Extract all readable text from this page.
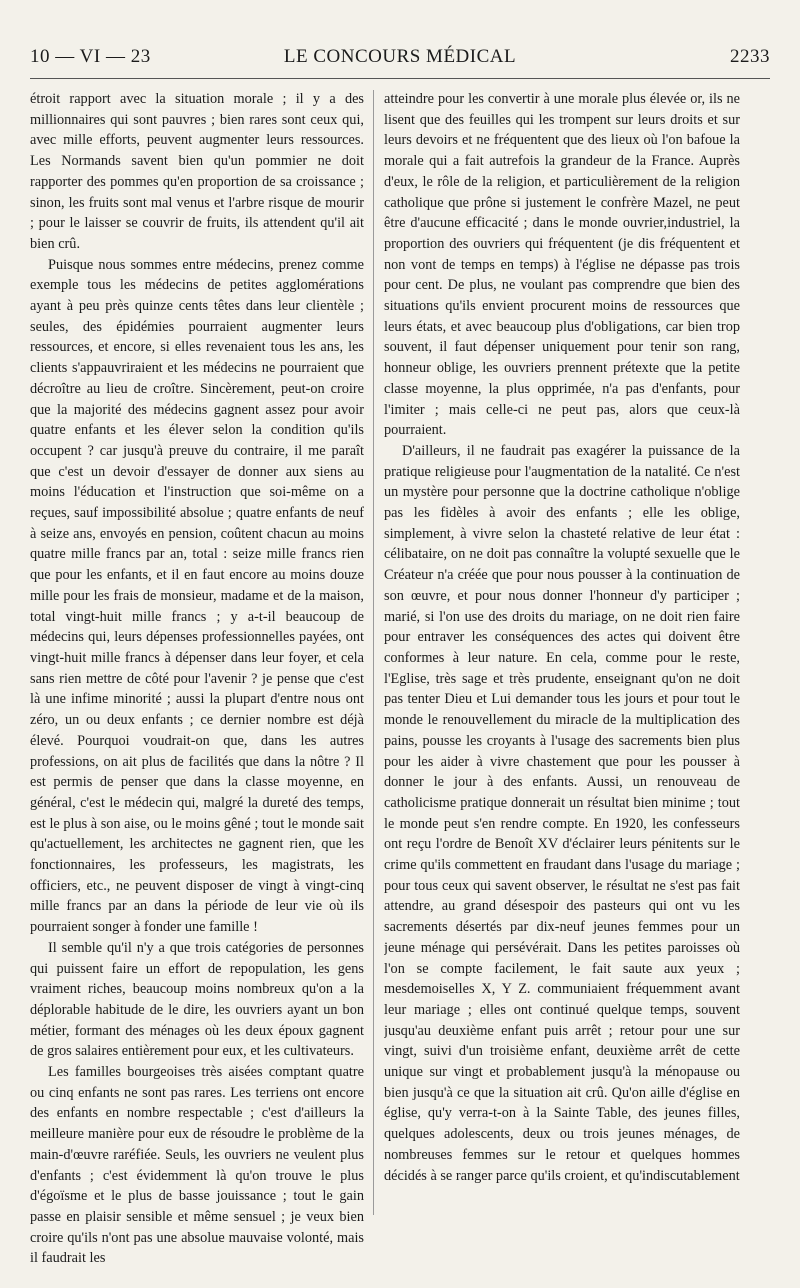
10 — VI — 23	LE CONCOURS MÉDICAL	2233

étroit rapport avec la situation morale ; il y a des millionnaires qui sont pauvres ; bien rares sont ceux qui, avec mille efforts, peuvent augmenter leurs ressources. Les Normands savent bien qu'un pommier ne doit rapporter des pommes qu'en proportion de sa croissance ; sinon, les fruits sont mal venus et l'arbre risque de mourir ; pour le laisser se couvrir de fruits, ils attendent qu'il ait bien crû.

Puisque nous sommes entre médecins, prenez comme exemple tous les médecins de petites agglomérations ayant à peu près quinze cents têtes dans leur clientèle ; seules, des épidémies pourraient augmenter leurs ressources, et encore, si elles revenaient tous les ans, les clients s'appauvriraient et les médecins ne pourraient que décroître au lieu de croître. Sincèrement, peut-on croire que la majorité des médecins gagnent assez pour avoir quatre enfants et les élever selon la condition qu'ils occupent ? car jusqu'à preuve du contraire, il me paraît que c'est un devoir d'essayer de donner aux siens au moins l'éducation et l'instruction que soi-même on a reçues, sauf impossibilité absolue ; quatre enfants de neuf à seize ans, envoyés en pension, coûtent chacun au moins quatre mille francs par an, total : seize mille francs rien que pour les enfants, et il en faut encore au moins douze mille pour les frais de monsieur, madame et de la maison, total vingt-huit mille francs ; y a-t-il beaucoup de médecins qui, leurs dépenses professionnelles payées, ont vingt-huit mille francs à dépenser dans leur foyer, et cela sans rien mettre de côté pour l'avenir ? je pense que c'est là une infime minorité ; aussi la plupart d'entre nous ont zéro, un ou deux enfants ; ce dernier nombre est déjà élevé. Pourquoi voudrait-on que, dans les autres professions, on ait plus de facilités que dans la nôtre ? Il est permis de penser que dans la classe moyenne, en général, c'est le médecin qui, malgré la dureté des temps, est le plus à son aise, ou le moins gêné ; tout le monde sait qu'actuellement, les architectes ne gagnent rien, que les fonctionnaires, les professeurs, les magistrats, les officiers, etc., ne peuvent disposer de vingt à vingt-cinq mille francs par an dans la période de leur vie où ils pourraient songer à fonder une famille !

Il semble qu'il n'y a que trois catégories de personnes qui puissent faire un effort de repopulation, les gens vraiment riches, beaucoup moins nombreux qu'on a la déplorable habitude de le dire, les ouvriers ayant un bon métier, formant des ménages où les deux époux gagnent de gros salaires entièrement pour eux, et les cultivateurs.

Les familles bourgeoises très aisées comptant quatre ou cinq enfants ne sont pas rares. Les terriens ont encore des enfants en nombre respectable ; c'est d'ailleurs la meilleure manière pour eux de résoudre le problème de la main-d'œuvre raréfiée. Seuls, les ouvriers ne veulent plus d'enfants ; c'est évidemment là qu'on trouve le plus d'égoïsme et le plus de basse jouissance ; tout le gain passe en plaisir sensible et même sensuel ; je veux bien croire qu'ils n'ont pas une absolue mauvaise volonté, mais il faudrait les

atteindre pour les convertir à une morale plus élevée or, ils ne lisent que des feuilles qui les trompent sur leurs droits et sur leurs devoirs et ne fréquentent que des lieux où l'on bafoue la morale qui a fait autrefois la grandeur de la France. Auprès d'eux, le rôle de la religion, et particulièrement de la religion catholique que prône si justement le confrère Mazel, ne peut être d'aucune efficacité ; dans le monde ouvrier,industriel, la proportion des ouvriers qui fréquentent (je dis fréquentent et non vont de temps en temps) à l'église ne dépasse pas trois pour cent. De plus, ne voulant pas comprendre que bien des situations qu'ils envient procurent moins de ressources que leurs états, et avec beaucoup plus d'obligations, car bien trop souvent, il faut dépenser uniquement pour tenir son rang, honneur oblige, les ouvriers prennent prétexte que la petite classe moyenne, la plus opprimée, n'a pas d'enfants, pour l'imiter ; mais celle-ci ne peut pas, alors que ceux-là pourraient.

D'ailleurs, il ne faudrait pas exagérer la puissance de la pratique religieuse pour l'augmentation de la natalité. Ce n'est un mystère pour personne que la doctrine catholique n'oblige pas les fidèles à avoir des enfants ; elle les oblige, simplement, à vivre selon la chasteté relative de leur état : célibataire, on ne doit pas connaître la volupté sexuelle que le Créateur n'a créée que pour nous pousser à la continuation de son œuvre, et pour nous donner l'honneur d'y participer ; marié, si l'on use des droits du mariage, on ne doit rien faire pour entraver les conséquences des actes qui doivent être conformes à leur nature. En cela, comme pour le reste, l'Eglise, très sage et très prudente, enseignant qu'on ne doit pas tenter Dieu et Lui demander tous les jours et pour tout le monde le renouvellement du miracle de la multiplication des pains, pousse les croyants à l'usage des sacrements bien plus pour les aider à vivre chastement que pour les pousser à donner le jour à des enfants. Aussi, un renouveau de catholicisme pratique donnerait un résultat bien minime ; tout le monde peut s'en rendre compte. En 1920, les confesseurs ont reçu l'ordre de Benoît XV d'éclairer leurs pénitents sur le crime qu'ils commettent en fraudant dans l'usage du mariage ; pour tous ceux qui savent observer, le résultat ne s'est pas fait attendre, au grand désespoir des pasteurs qui ont vu les sacrements désertés par dix-neuf jeunes femmes pour un jeune ménage qui persévérait. Dans les petites paroisses où l'on se compte facilement, le fait saute aux yeux ; mesdemoiselles X, Y Z. communiaient fréquemment avant leur mariage ; elles ont continué quelque temps, souvent jusqu'au deuxième enfant puis arrêt ; retour pour une sur vingt, suivi d'un troisième enfant, deuxième arrêt de cette unique sur vingt et probablement jusqu'à la ménopause ou bien jusqu'à ce que la situation ait crû. Qu'on aille d'église en église, qu'y verra-t-on à la Sainte Table, des jeunes filles, quelques adolescents, deux ou trois jeunes ménages, de nombreuses femmes sur le retour et quelques hommes décidés à se ranger parce qu'ils croient, et qu'indiscutablement
